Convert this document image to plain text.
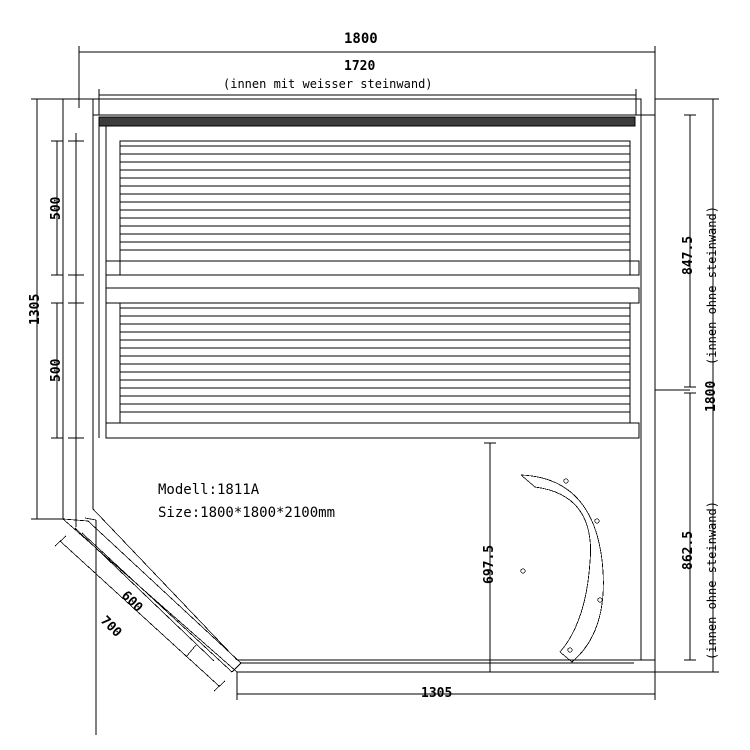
1800
1720
(innen mit weisser steinwand)
1305
500
500
1800
847.5 (innen ohne steinwand)
862.5 (innen ohne steinwand)
697.5
1305
700
600
Modell:1811A
Size:1800*1800*2100mm
